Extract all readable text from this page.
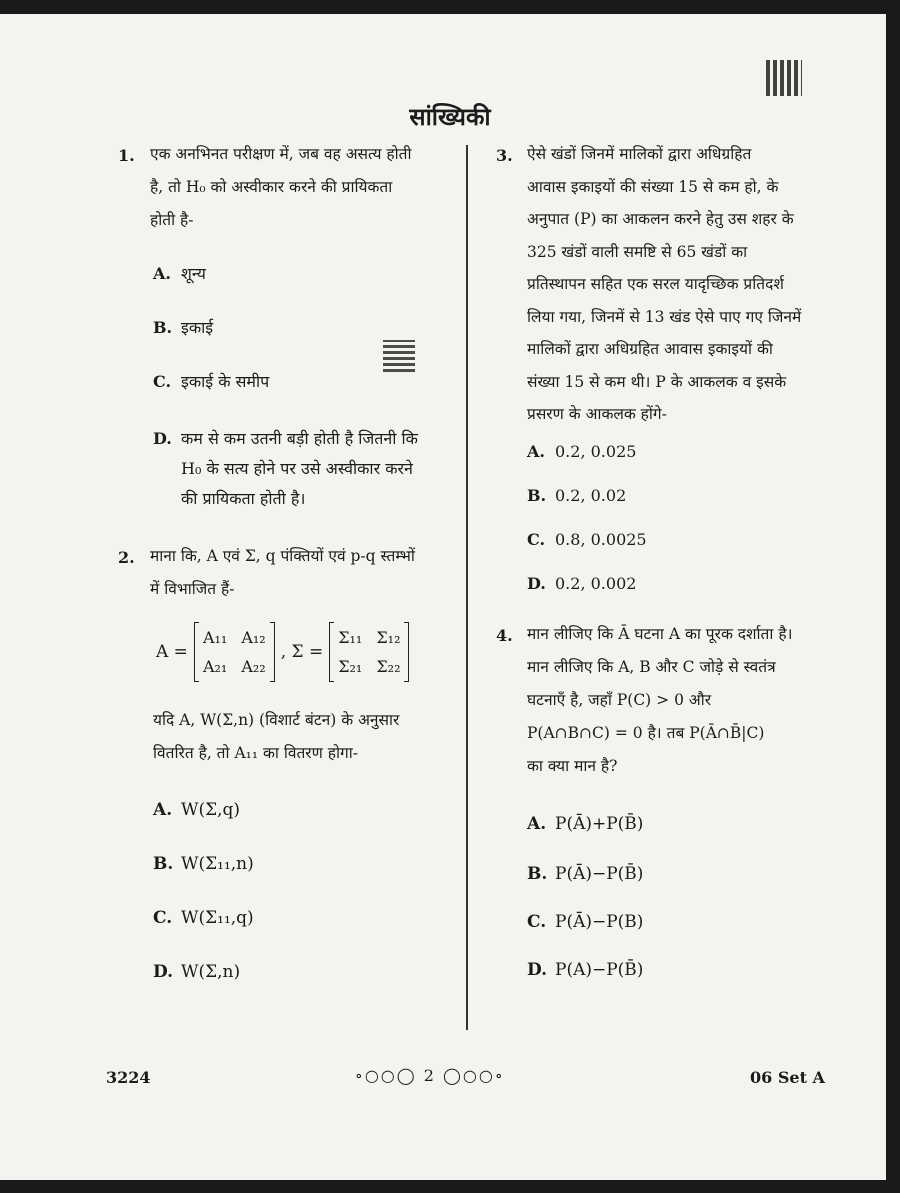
सांख्यिकी
1. एक अनभिनत परीक्षण में, जब वह असत्य होती
है, तो H₀ को अस्वीकार करने की प्रायिकता
होती है-
A. शून्य
B. इकाई
C. इकाई के समीप
D. कम से कम उतनी बड़ी होती है जितनी कि
H₀ के सत्य होने पर उसे अस्वीकार करने
की प्रायिकता होती है।
2. माना कि, A एवं Σ, q पंक्तियों एवं p-q स्तम्भों
में विभाजित हैं-
A =
A₁₁ A₁₂
A₂₁ A₂₂
, Σ =
Σ₁₁ Σ₁₂
Σ₂₁ Σ₂₂
यदि A, W(Σ,n) (विशार्ट बंटन) के अनुसार
वितरित है, तो A₁₁ का वितरण होगा-
A. W(Σ,q)
B. W(Σ₁₁,n)
C. W(Σ₁₁,q)
D. W(Σ,n)
3. ऐसे खंडों जिनमें मालिकों द्वारा अधिग्रहित
आवास इकाइयों की संख्या 15 से कम हो, के
अनुपात (P) का आकलन करने हेतु उस शहर के
325 खंडों वाली समष्टि से 65 खंडों का
प्रतिस्थापन सहित एक सरल यादृच्छिक प्रतिदर्श
लिया गया, जिनमें से 13 खंड ऐसे पाए गए जिनमें
मालिकों द्वारा अधिग्रहित आवास इकाइयों की
संख्या 15 से कम थी। P के आकलक व इसके
प्रसरण के आकलक होंगे-
A. 0.2, 0.025
B. 0.2, 0.02
C. 0.8, 0.0025
D. 0.2, 0.002
4. मान लीजिए कि Ā घटना A का पूरक दर्शाता है।
मान लीजिए कि A, B और C जोड़े से स्वतंत्र
घटनाएँ है, जहाँ P(C) > 0 और
P(A∩B∩C) = 0 है। तब P(Ā∩B̄|C)
का क्या मान है?
A. P(Ā)+P(B̄)
B. P(Ā)−P(B̄)
C. P(Ā)−P(B)
D. P(A)−P(B̄)
3224	∘○○◯ 2 ◯○○∘	06 Set A
